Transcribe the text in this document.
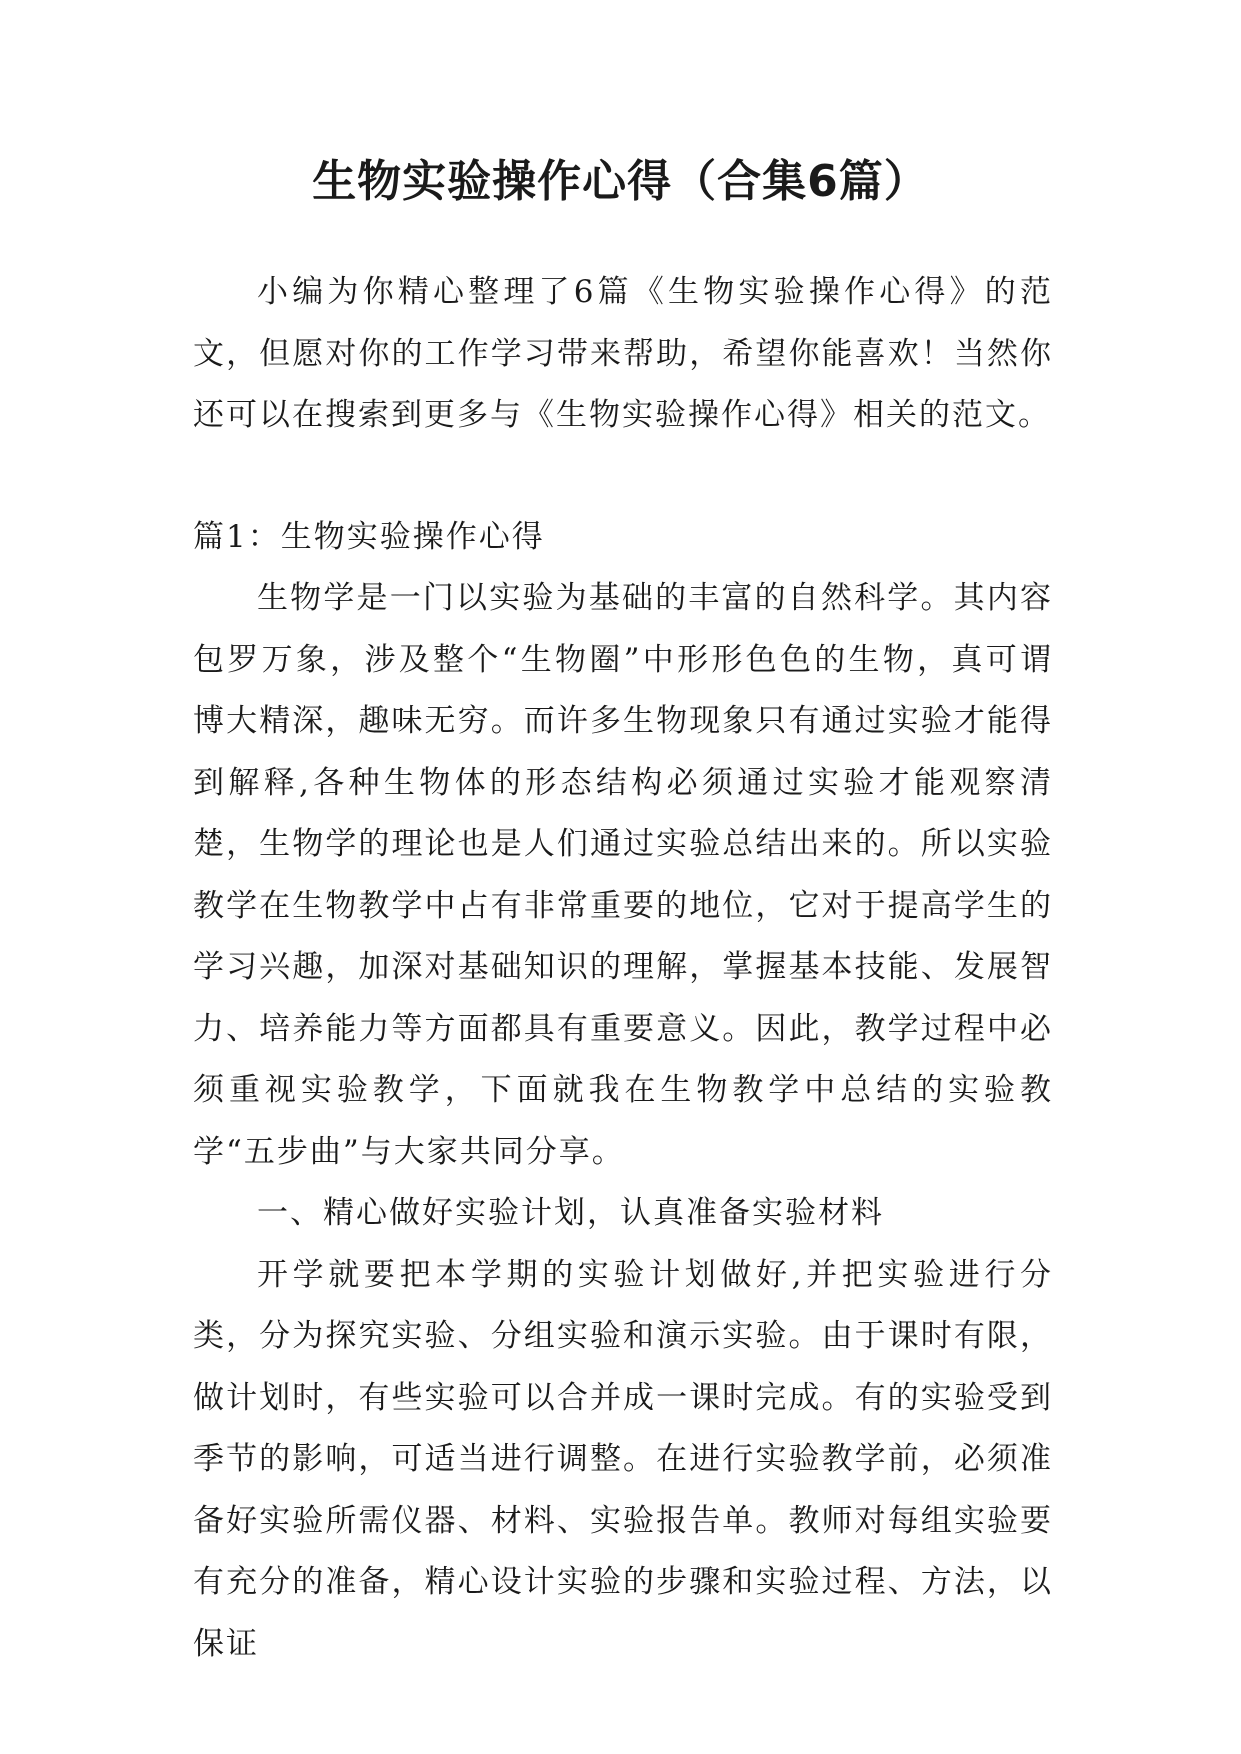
生物实验操作心得（合集6篇）

小编为你精心整理了6篇《生物实验操作心得》的范文，但愿对你的工作学习带来帮助，希望你能喜欢！当然你还可以在搜索到更多与《生物实验操作心得》相关的范文。

篇1：生物实验操作心得

生物学是一门以实验为基础的丰富的自然科学。其内容包罗万象，涉及整个“生物圈”中形形色色的生物，真可谓博大精深，趣味无穷。而许多生物现象只有通过实验才能得到解释,各种生物体的形态结构必须通过实验才能观察清楚，生物学的理论也是人们通过实验总结出来的。所以实验教学在生物教学中占有非常重要的地位，它对于提高学生的学习兴趣，加深对基础知识的理解，掌握基本技能、发展智力、培养能力等方面都具有重要意义。因此，教学过程中必须重视实验教学，下面就我在生物教学中总结的实验教学“五步曲”与大家共同分享。

一、精心做好实验计划，认真准备实验材料

开学就要把本学期的实验计划做好,并把实验进行分类，分为探究实验、分组实验和演示实验。由于课时有限，做计划时，有些实验可以合并成一课时完成。有的实验受到季节的影响，可适当进行调整。在进行实验教学前，必须准备好实验所需仪器、材料、实验报告单。教师对每组实验要有充分的准备，精心设计实验的步骤和实验过程、方法，以保证
